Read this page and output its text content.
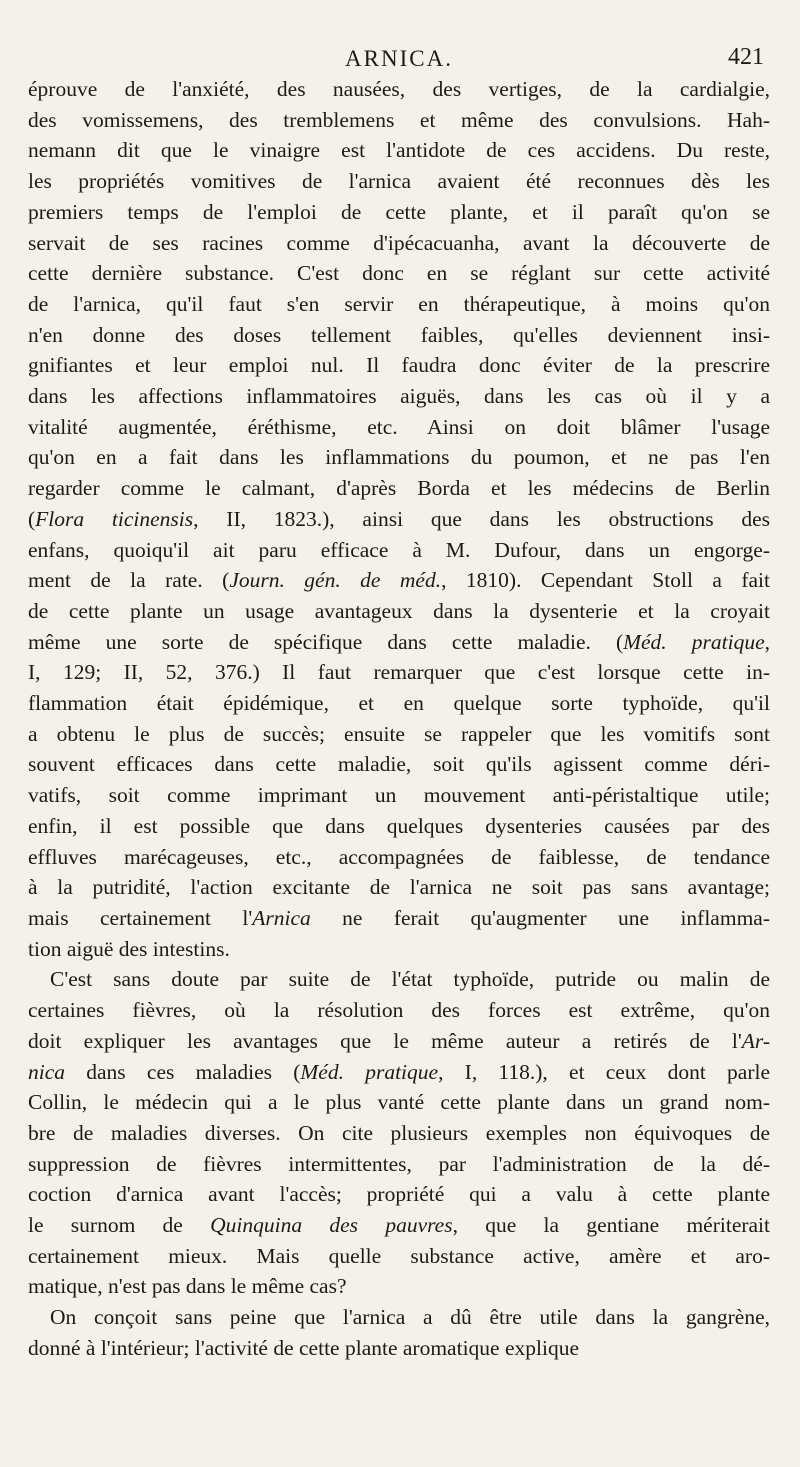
ARNICA.	421

éprouve de l'anxiété, des nausées, des vertiges, de la cardialgie,
des vomissemens, des tremblemens et même des convulsions. Hah-
nemann dit que le vinaigre est l'antidote de ces accidens. Du reste,
les propriétés vomitives de l'arnica avaient été reconnues dès les
premiers temps de l'emploi de cette plante, et il paraît qu'on se
servait de ses racines comme d'ipécacuanha, avant la découverte de
cette dernière substance. C'est donc en se réglant sur cette activité
de l'arnica, qu'il faut s'en servir en thérapeutique, à moins qu'on
n'en donne des doses tellement faibles, qu'elles deviennent insi-
gnifiantes et leur emploi nul. Il faudra donc éviter de la prescrire
dans les affections inflammatoires aiguës, dans les cas où il y a
vitalité augmentée, éréthisme, etc. Ainsi on doit blâmer l'usage
qu'on en a fait dans les inflammations du poumon, et ne pas l'en
regarder comme le calmant, d'après Borda et les médecins de Berlin
(Flora ticinensis, II, 1823.), ainsi que dans les obstructions des
enfans, quoiqu'il ait paru efficace à M. Dufour, dans un engorge-
ment de la rate. (Journ. gén. de méd., 1810). Cependant Stoll a fait
de cette plante un usage avantageux dans la dysenterie et la croyait
même une sorte de spécifique dans cette maladie. (Méd. pratique,
I, 129; II, 52, 376.) Il faut remarquer que c'est lorsque cette in-
flammation était épidémique, et en quelque sorte typhoïde, qu'il
a obtenu le plus de succès; ensuite se rappeler que les vomitifs sont
souvent efficaces dans cette maladie, soit qu'ils agissent comme déri-
vatifs, soit comme imprimant un mouvement anti-péristaltique utile;
enfin, il est possible que dans quelques dysenteries causées par des
effluves marécageuses, etc., accompagnées de faiblesse, de tendance
à la putridité, l'action excitante de l'arnica ne soit pas sans avantage;
mais certainement l'Arnica ne ferait qu'augmenter une inflamma-
tion aiguë des intestins.

C'est sans doute par suite de l'état typhoïde, putride ou malin de
certaines fièvres, où la résolution des forces est extrême, qu'on
doit expliquer les avantages que le même auteur a retirés de l'Ar-
nica dans ces maladies (Méd. pratique, I, 118.), et ceux dont parle
Collin, le médecin qui a le plus vanté cette plante dans un grand nom-
bre de maladies diverses. On cite plusieurs exemples non équivoques de
suppression de fièvres intermittentes, par l'administration de la dé-
coction d'arnica avant l'accès; propriété qui a valu à cette plante
le surnom de Quinquina des pauvres, que la gentiane mériterait
certainement mieux. Mais quelle substance active, amère et aro-
matique, n'est pas dans le même cas?

On conçoit sans peine que l'arnica a dû être utile dans la gangrène,
donné à l'intérieur; l'activité de cette plante aromatique explique
